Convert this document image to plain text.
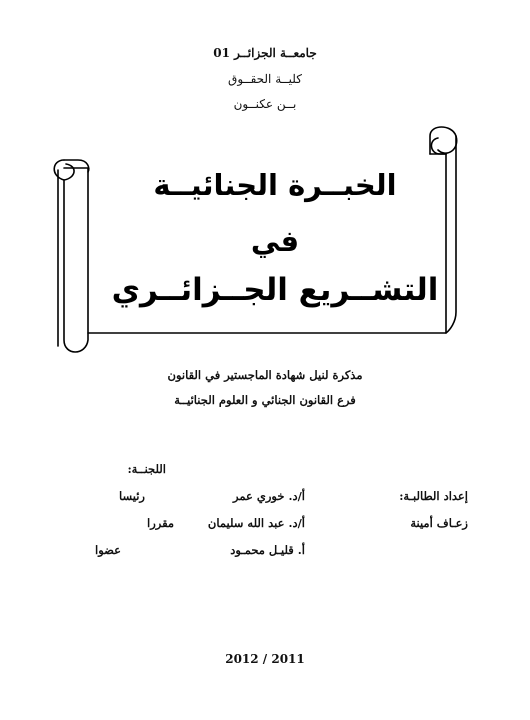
جامعــة الجزائــر 01
كليــة الحقــوق
بــن عكنــون
الخبــرة الجنائيــة
في
التشــريع الجــزائــري
مذكرة لنيل شهادة الماجستير في القانون
فرع القانون الجنائي و العلوم الجنائيــة
اللجنــة:
أ/د. خوري عمر
رئيسا
أ/د. عبد الله سليمان
مقررا
أ. قليـل محمـود
عضوا
إعداد الطالبـة:
زعـاف أمينة
2012 / 2011
